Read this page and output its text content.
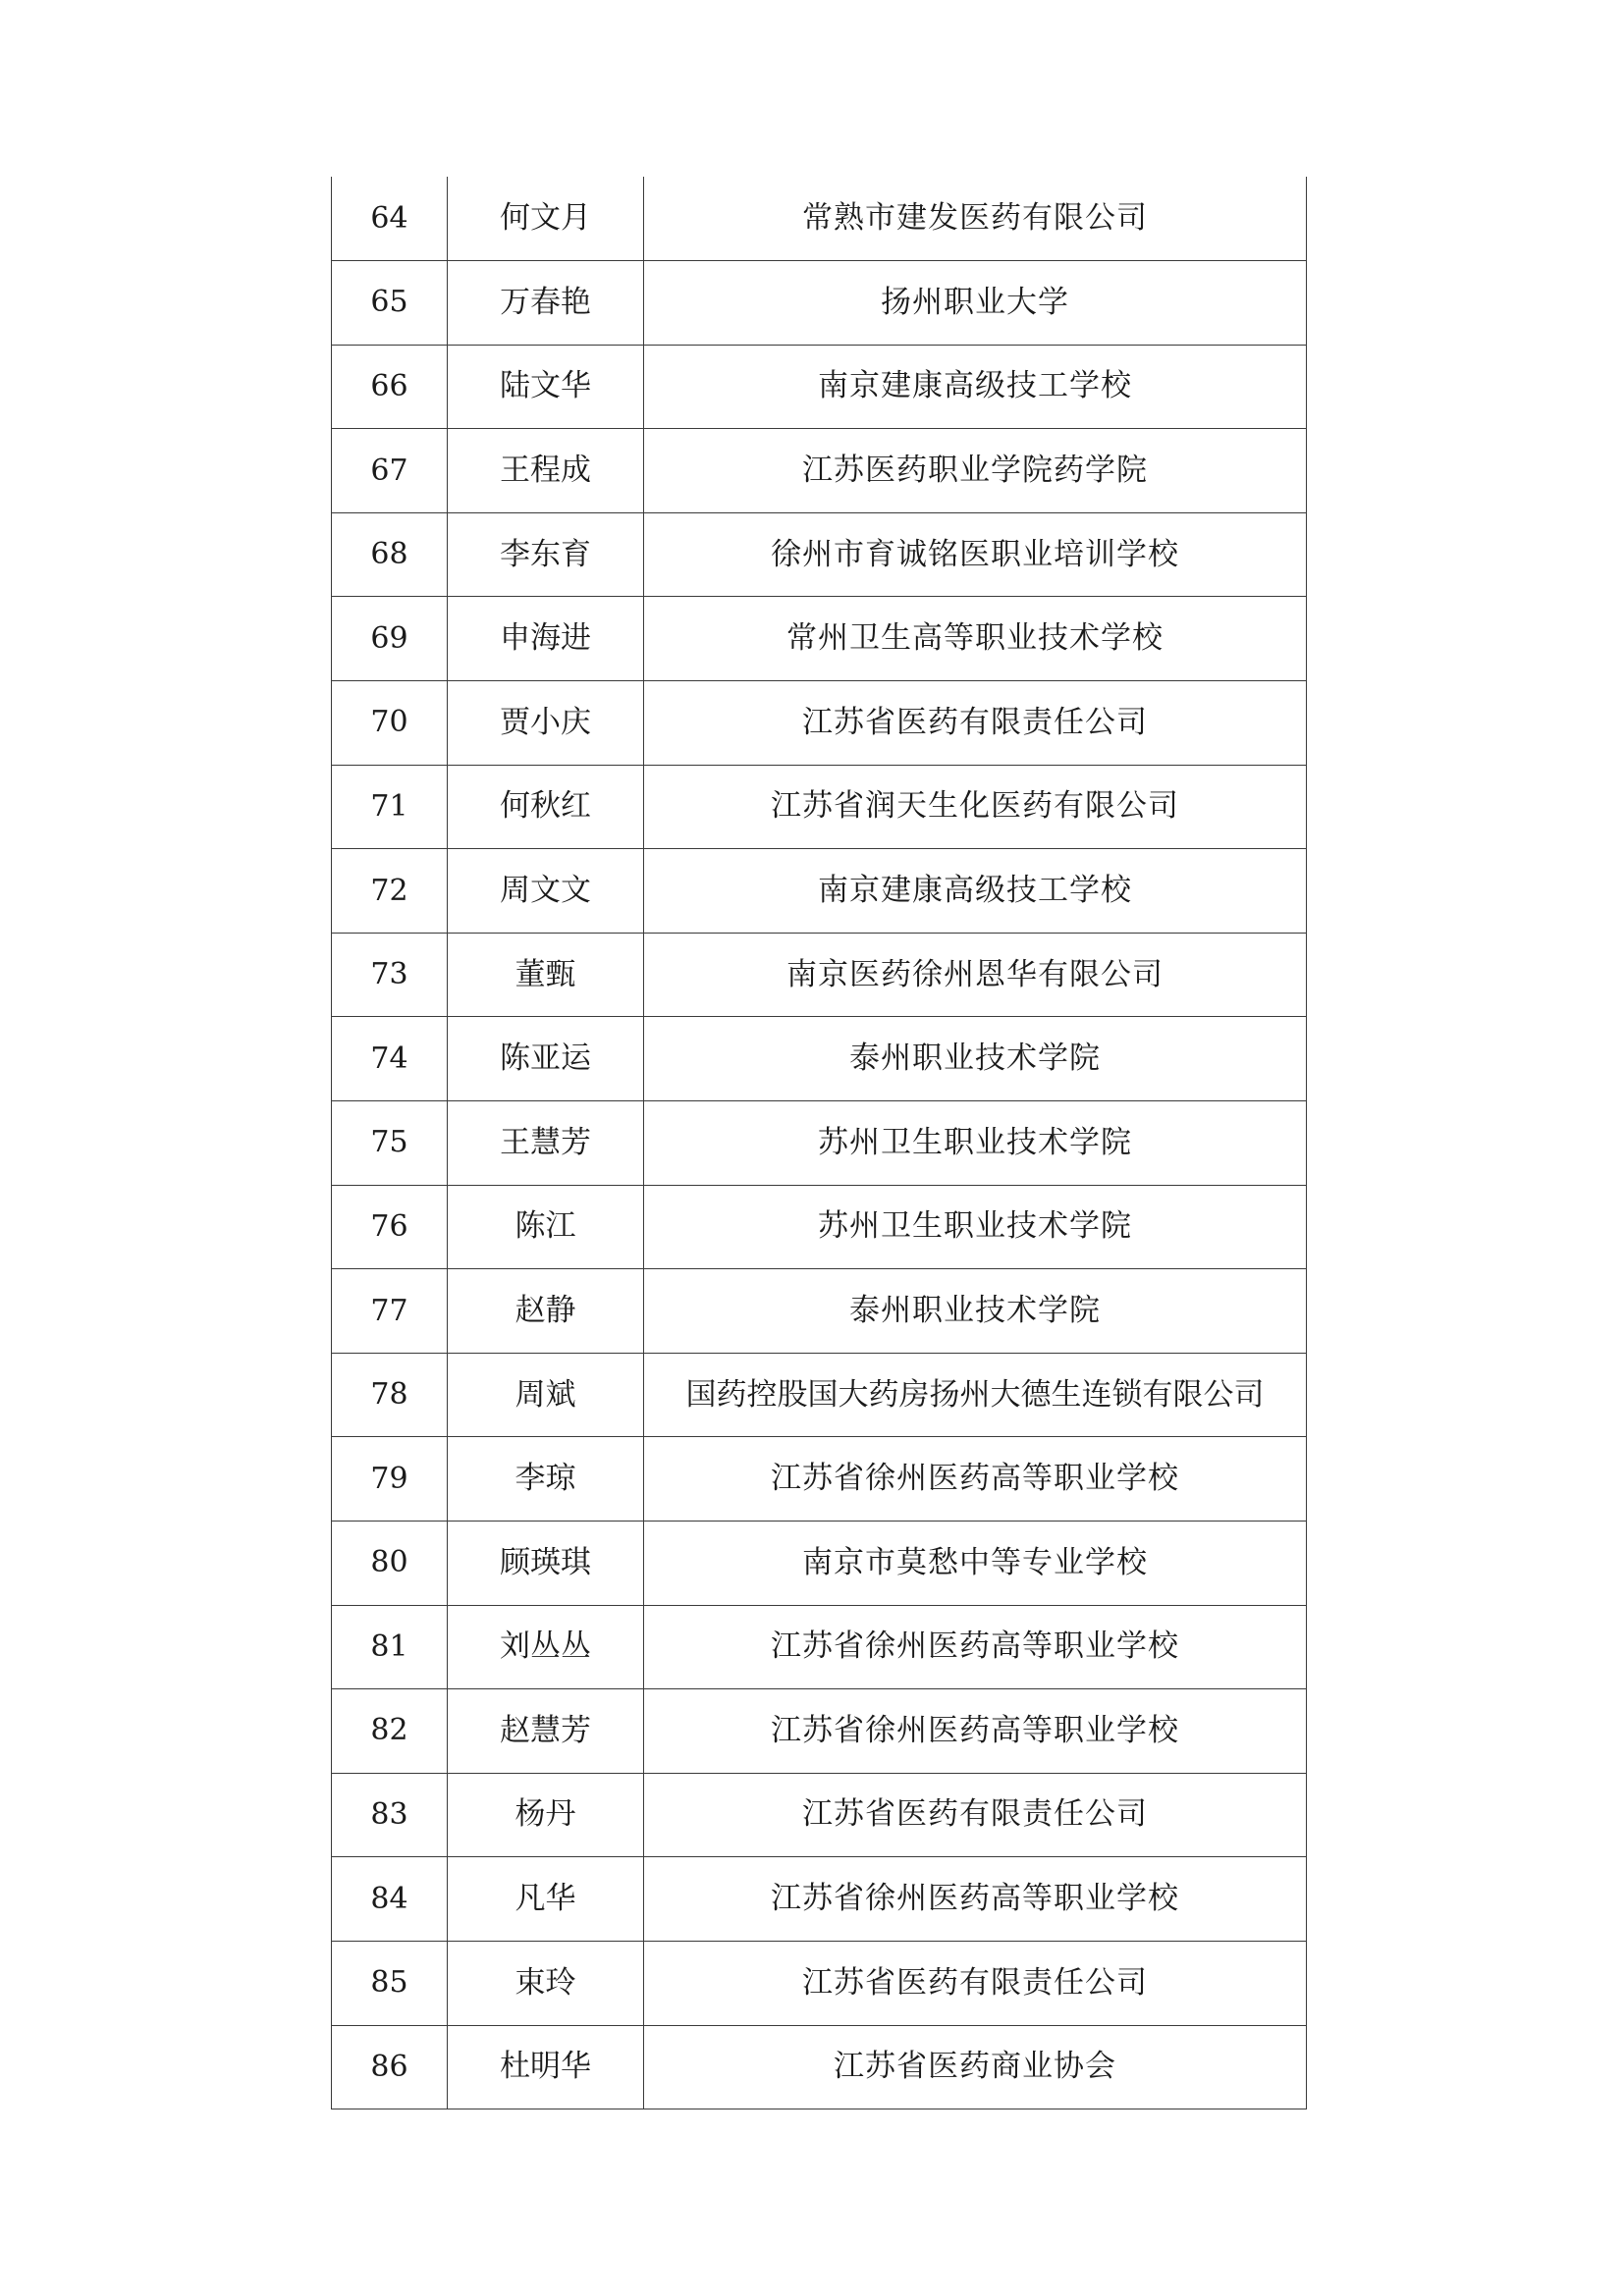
64	何文月	常熟市建发医药有限公司
65	万春艳	扬州职业大学
66	陆文华	南京建康高级技工学校
67	王程成	江苏医药职业学院药学院
68	李东育	徐州市育诚铭医职业培训学校
69	申海进	常州卫生高等职业技术学校
70	贾小庆	江苏省医药有限责任公司
71	何秋红	江苏省润天生化医药有限公司
72	周文文	南京建康高级技工学校
73	董甄	南京医药徐州恩华有限公司
74	陈亚运	泰州职业技术学院
75	王慧芳	苏州卫生职业技术学院
76	陈江	苏州卫生职业技术学院
77	赵静	泰州职业技术学院
78	周斌	国药控股国大药房扬州大德生连锁有限公司
79	李琼	江苏省徐州医药高等职业学校
80	顾瑛琪	南京市莫愁中等专业学校
81	刘丛丛	江苏省徐州医药高等职业学校
82	赵慧芳	江苏省徐州医药高等职业学校
83	杨丹	江苏省医药有限责任公司
84	凡华	江苏省徐州医药高等职业学校
85	束玲	江苏省医药有限责任公司
86	杜明华	江苏省医药商业协会
